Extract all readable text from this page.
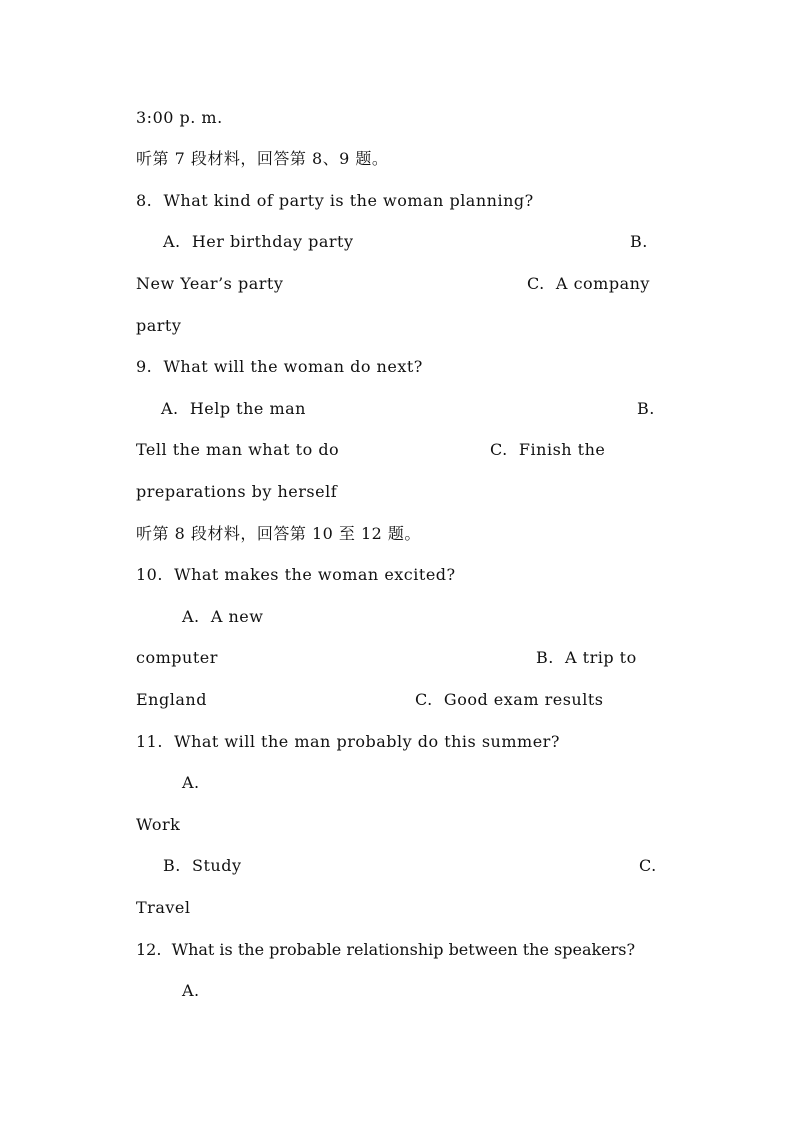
3:00 p. m.

听第 7 段材料，回答第 8、9 题。

8.  What kind of party is the woman planning?

A.  Her birthday party

	B.

New Year’s party

	C.  A company

party

9.  What will the woman do next?

A.  Help the man

	B.

Tell the man what to do

	C.  Finish the

preparations by herself

听第 8 段材料，回答第 10 至 12 题。

10.  What makes the woman excited?

A.  A new

computer

	B.  A trip to

England

	C.  Good exam results

11.  What will the man probably do this summer?

A.

Work

B.  Study

	C.

Travel

12.  What is the probable relationship between the speakers?

A.
